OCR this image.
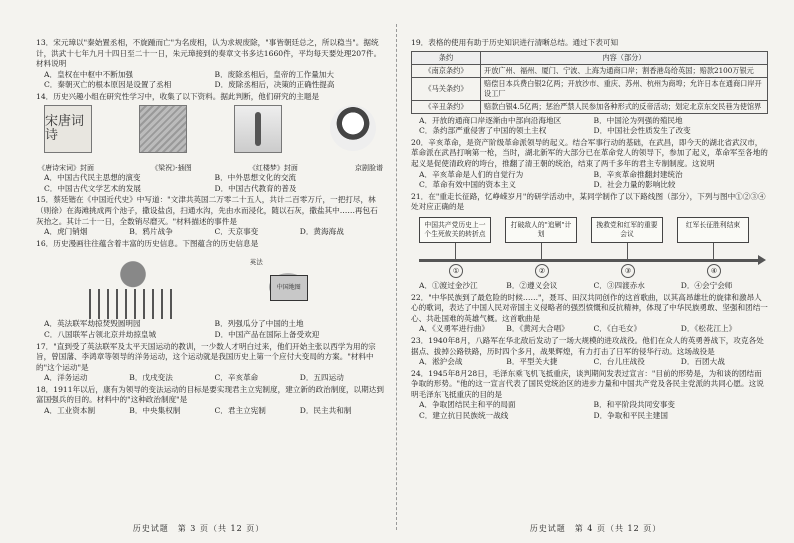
13．宋元璋以"秦始置丞相，不旋踵而亡"为名废相，认为求规废除，"事皆朝廷总之，所以稳当"。据统计，洪武十七年九月十四日至二十一日，朱元璋接到的奏章文书多达1660件，平均每天要处理207件。材料说明
A．皇权在中枢中不断加强	B．废除丞相后，皇帝的工作量加大
C．秦朝灭亡的根本原因是设置了丞相	D．废除丞相后，决策的正确性提高
14．历史兴趣小组在研究性学习中，收集了以下资料。据此判断，他们研究的主题是
宋唐词诗
《唐诗宋词》封面	《梁祝》·插图	《红楼梦》封面	京剧脸谱
A．中国古代民主思想的演变	B．中外思想文化的交流
C．中国古代文学艺术的发展	D．中国古代教育的普及
15．蔡廷锴在《中国近代史》中写道："文津共英国二万零二十五人，共计二百零万斤，一把打尽，林（则徐）在海滩挑成两个池子，撒设盐卤，扫通水沟，先由水而浸化，随以石灰，撒盐其中……再包石灰抬之。其计二十一日，全数销尽磨灭。"材料描述的事件是
A．虎门销烟	B．鸦片战争	C．天京事变	D．黄海海战
16．历史漫画往往蕴含着丰富的历史信息。下图蕴含的历史信息是
英法
中国地图
A．英法联军劫掠焚毁圆明园	B．列强瓜分了中国的土地
C．八国联军占领北京并劫掠皇城	D．中国产品在国际上备受欢迎
17．"直到受了英法联军及太平天国运动的教训，一少数人才明白过来，他们开始主张以西学为用的宗旨，曾国藩、李鸿章等领导的洋务运动，这个运动就是我国历史上第一个应付大变局的方案。"材料中的"这个运动"是
A．洋务运动	B．戊戌变法	C．辛亥革命	D．五四运动
18．1911年以后，康有为领导的变法运动的目标是要实现君主立宪制度，建立新的政治制度，以期达到富国强兵的目的。材料中的"这种政治制度"是
A．工业资本制	B．中央集权制	C．君主立宪制	D．民主共和制
历史试题　第 3 页（共 12 页）
19．表格的使用有助于历史知识进行清晰总结。通过下表可知
条约	内容（部分）
《南京条约》	开放广州、福州、厦门、宁波、上海为通商口岸；割香港岛给英国；赔款2100万银元
《马关条约》	赔偿日本兵费白银2亿两；开放沙市、重庆、苏州、杭州为商埠；允许日本在通商口岸开设工厂
《辛丑条约》	赔款白银4.5亿两；惩治严禁人民参加各种形式的反帝活动；划定北京东交民巷为使馆界
A．开放的通商口岸逐渐由中部向沿海地区	B．中国沦为列强的殖民地
C．条约部严重侵害了中国的领土主权	D．中国社会性质发生了改变
20．辛亥革命，是资产阶级革命派领导的起义。结合军事行动的基础，在武昌，即今天的湖北省武汉市，革命派在武昌打响第一枪，当时，湖北新军的大部分已在革命党人的领导下，参加了起义，革命军至各地的起义是促使清政府的垮台，推翻了清王朝的统治，结束了两千多年的君主专制制度。这说明
A．辛亥革命是人们的自觉行为	B．辛亥革命推翻封建统治
C．革命有效中国的资本主义	D．社会力量的影响比较
21．在"重走长征路，忆峥嵘岁月"的研学活动中，某同学制作了以下路线图（部分），下列与图中①②③④处对应正确的是
中国共产党历史上一个生死攸关的转折点
打破敌人的"追剿"计划
挽救党和红军的重要会议
红军长征胜利结束
①	②	③	④
A．①渡过金沙江	B．②遵义会议	C．③四渡赤水	D．④会宁会师
22．"中华民族到了最危险的时候……"，聂耳、田汉共同创作的这首歌曲，以其高昂雄壮的旋律和激昂人心的歌词，表达了中国人民对帝国主义侵略者的强烈愤慨和反抗精神，体现了中华民族勇敢、坚强和团结一心、共赴国难的英雄气概。这首歌曲是
A．《义勇军进行曲》	B．《黄河大合唱》	C．《白毛女》	D．《松花江上》
23．1940年8月，八路军在华北敌后发动了一场大规模的进攻战役。他们在众人的英勇善战下，攻克各处据点、拔掉公路铁路，历时四个多月，战果辉煌，有力打击了日军的侵华行动。这场战役是
A．淞沪会战	B．平型关大捷	C．台儿庄战役	D．百团大战
24．1945年8月28日，毛泽东乘飞机飞抵重庆，谈判期间发表过宣言："目前的形势是，为和谈的团结而争取的形势。"他的这一宣言代表了国民党统治区的进步力量和中国共产党及各民主党派的共同心愿。这说明毛泽东飞抵重庆的目的是
A．争取团结民主和平的局面	B．和平阶段共同安事变
C．建立抗日民族统一战线	D．争取和平民主建国
历史试题　第 4 页（共 12 页）
